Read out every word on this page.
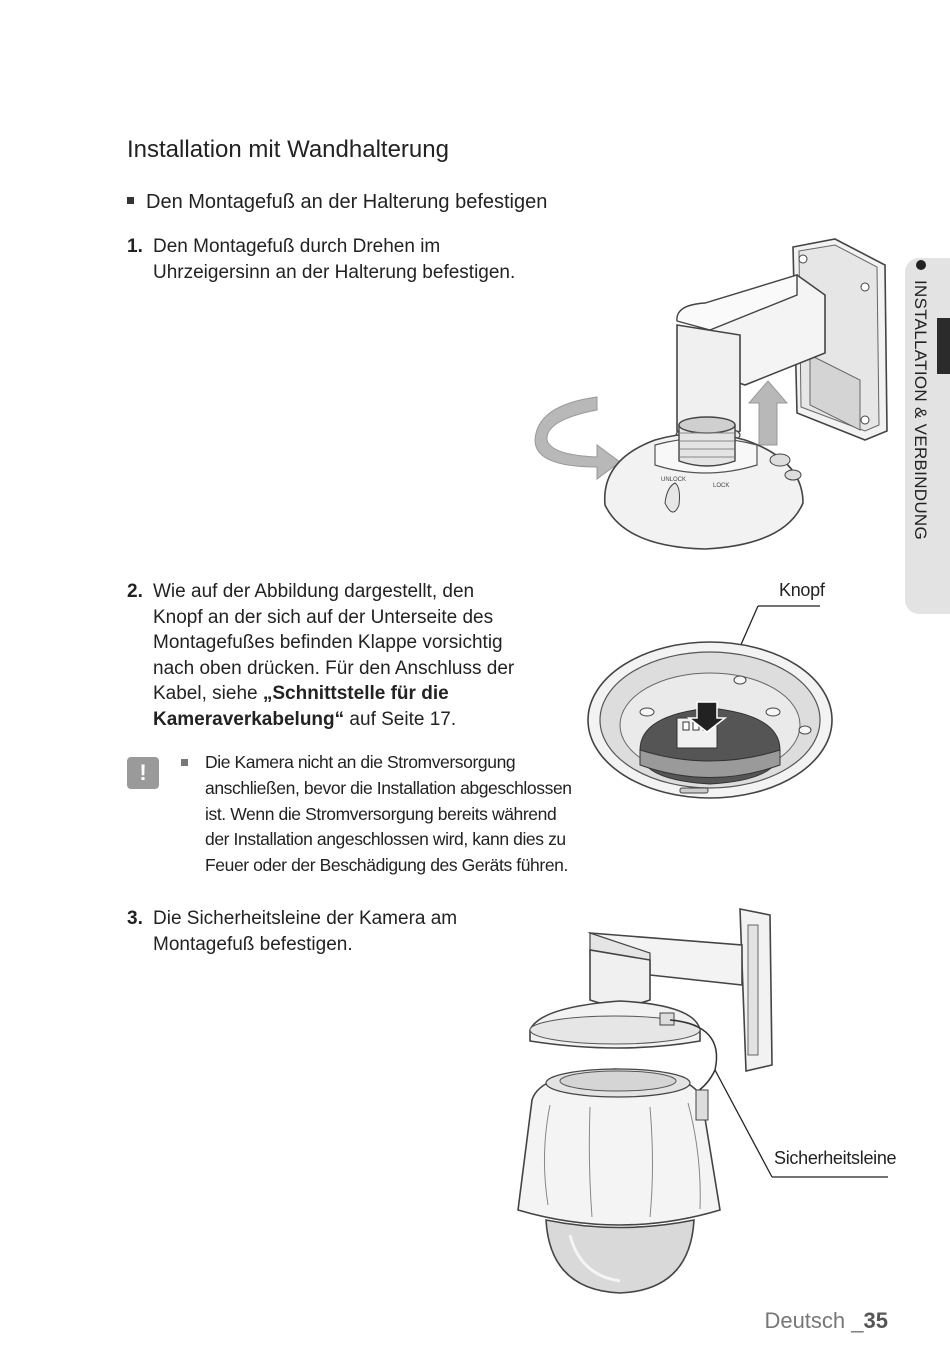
Installation mit Wandhalterung
Den Montagefuß an der Halterung befestigen
1. Den Montagefuß durch Drehen im Uhrzeigersinn an der Halterung befestigen.
2. Wie auf der Abbildung dargestellt, den Knopf an der sich auf der Unterseite des Montagefußes befinden Klappe vorsichtig nach oben drücken. Für den Anschluss der Kabel, siehe „Schnittstelle für die Kameraverkabelung“ auf Seite 17.
!	Die Kamera nicht an die Stromversorgung anschließen, bevor die Installation abgeschlossen ist. Wenn die Stromversorgung bereits während der Installation angeschlossen wird, kann dies zu Feuer oder der Beschädigung des Geräts führen.
3. Die Sicherheitsleine der Kamera am Montagefuß befestigen.
INSTALLATION & VERBINDUNG
UNLOCK
LOCK
Knopf
Sicherheitsleine
Deutsch _35
